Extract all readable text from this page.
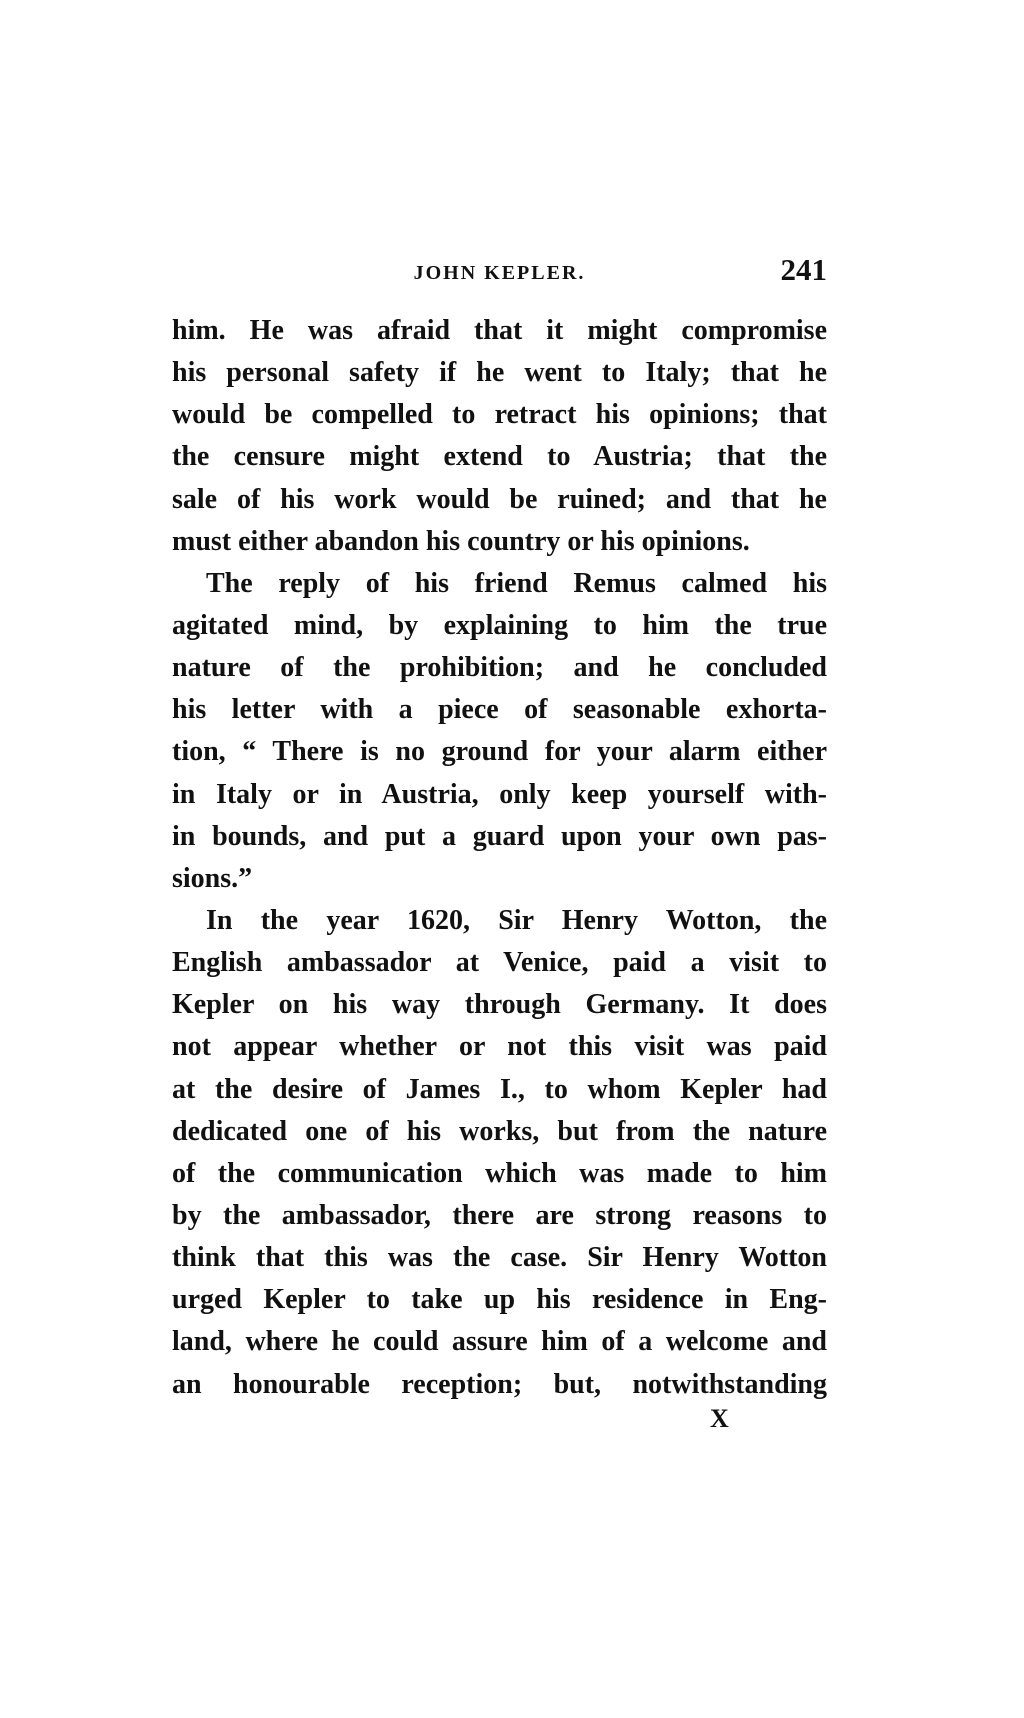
JOHN KEPLER.	241

him. He was afraid that it might compromise
his personal safety if he went to Italy; that he
would be compelled to retract his opinions; that
the censure might extend to Austria; that the
sale of his work would be ruined; and that he
must either abandon his country or his opinions.

The reply of his friend Remus calmed his
agitated mind, by explaining to him the true
nature of the prohibition; and he concluded
his letter with a piece of seasonable exhorta-
tion, “ There is no ground for your alarm either
in Italy or in Austria, only keep yourself with-
in bounds, and put a guard upon your own pas-
sions.”

In the year 1620, Sir Henry Wotton, the
English ambassador at Venice, paid a visit to
Kepler on his way through Germany. It does
not appear whether or not this visit was paid
at the desire of James I., to whom Kepler had
dedicated one of his works, but from the nature
of the communication which was made to him
by the ambassador, there are strong reasons to
think that this was the case. Sir Henry Wotton
urged Kepler to take up his residence in Eng-
land, where he could assure him of a welcome and
an honourable reception; but, notwithstanding

X
